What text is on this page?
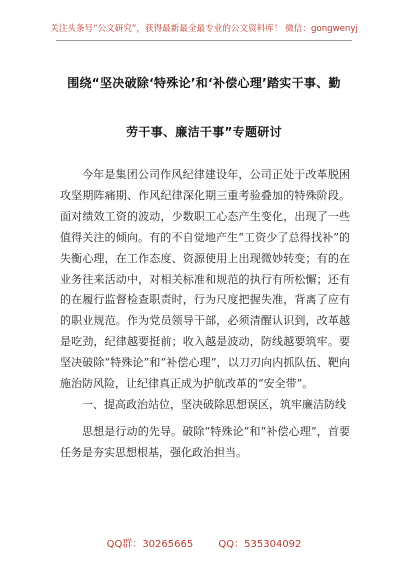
关注头条号“公文研究”，获得最新最全最专业的公文资料库！ 微信：gongwenyj
围绕“坚决破除‘特殊论’和‘补偿心理’踏实干事、勤
劳干事、廉洁干事”专题研讨

今年是集团公司作风纪律建设年，公司正处于改革脱困攻坚期阵痛期、作风纪律深化期三重考验叠加的特殊阶段。面对绩效工资的波动，少数职工心态产生变化，出现了一些值得关注的倾向。有的不自觉地产生“工资少了总得找补”的失衡心理，在工作态度、资源使用上出现微妙转变；有的在业务往来活动中，对相关标准和规范的执行有所松懈；还有的在履行监督检查职责时，行为尺度把握失准，背离了应有的职业规范。作为党员领导干部，必须清醒认识到，改革越是吃劲，纪律越要挺前；收入越是波动，防线越要筑牢。要坚决破除“特殊论”和“补偿心理”，以刀刃向内抓队伍、靶向施治防风险，让纪律真正成为护航改革的“安全带”。

一、提高政治站位，坚决破除思想误区，筑牢廉洁防线

思想是行动的先导。破除“特殊论”和“补偿心理”，首要任务是夯实思想根基，强化政治担当。

QQ群：30265665	QQ：535304092
